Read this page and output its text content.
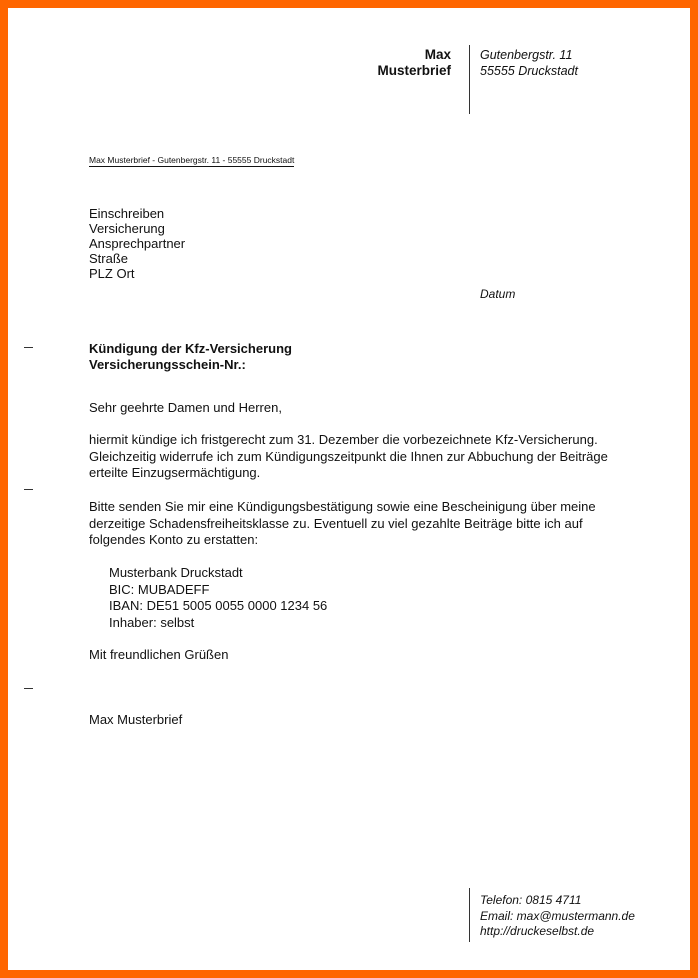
Max
Musterbrief
Gutenbergstr. 11
55555 Druckstadt
Max Musterbrief - Gutenbergstr. 11 - 55555 Druckstadt
Einschreiben
Versicherung
Ansprechpartner
Straße
PLZ Ort
Datum
Kündigung der Kfz-Versicherung
Versicherungsschein-Nr.:
Sehr geehrte Damen und Herren,
hiermit kündige ich fristgerecht zum 31. Dezember die vorbezeichnete Kfz-Versicherung. Gleichzeitig widerrufe ich zum Kündigungszeitpunkt die Ihnen zur Abbuchung der Beiträge erteilte Einzugsermächtigung.
Bitte senden Sie mir eine Kündigungsbestätigung sowie eine Bescheinigung über meine derzeitige Schadensfreiheitsklasse zu. Eventuell zu viel gezahlte Beiträge bitte ich auf folgendes Konto zu erstatten:
Musterbank Druckstadt
BIC: MUBADEFF
IBAN: DE51 5005 0055 0000 1234 56
Inhaber: selbst
Mit freundlichen Grüßen
Max Musterbrief
Telefon: 0815 4711
Email: max@mustermann.de
http://druckeselbst.de
